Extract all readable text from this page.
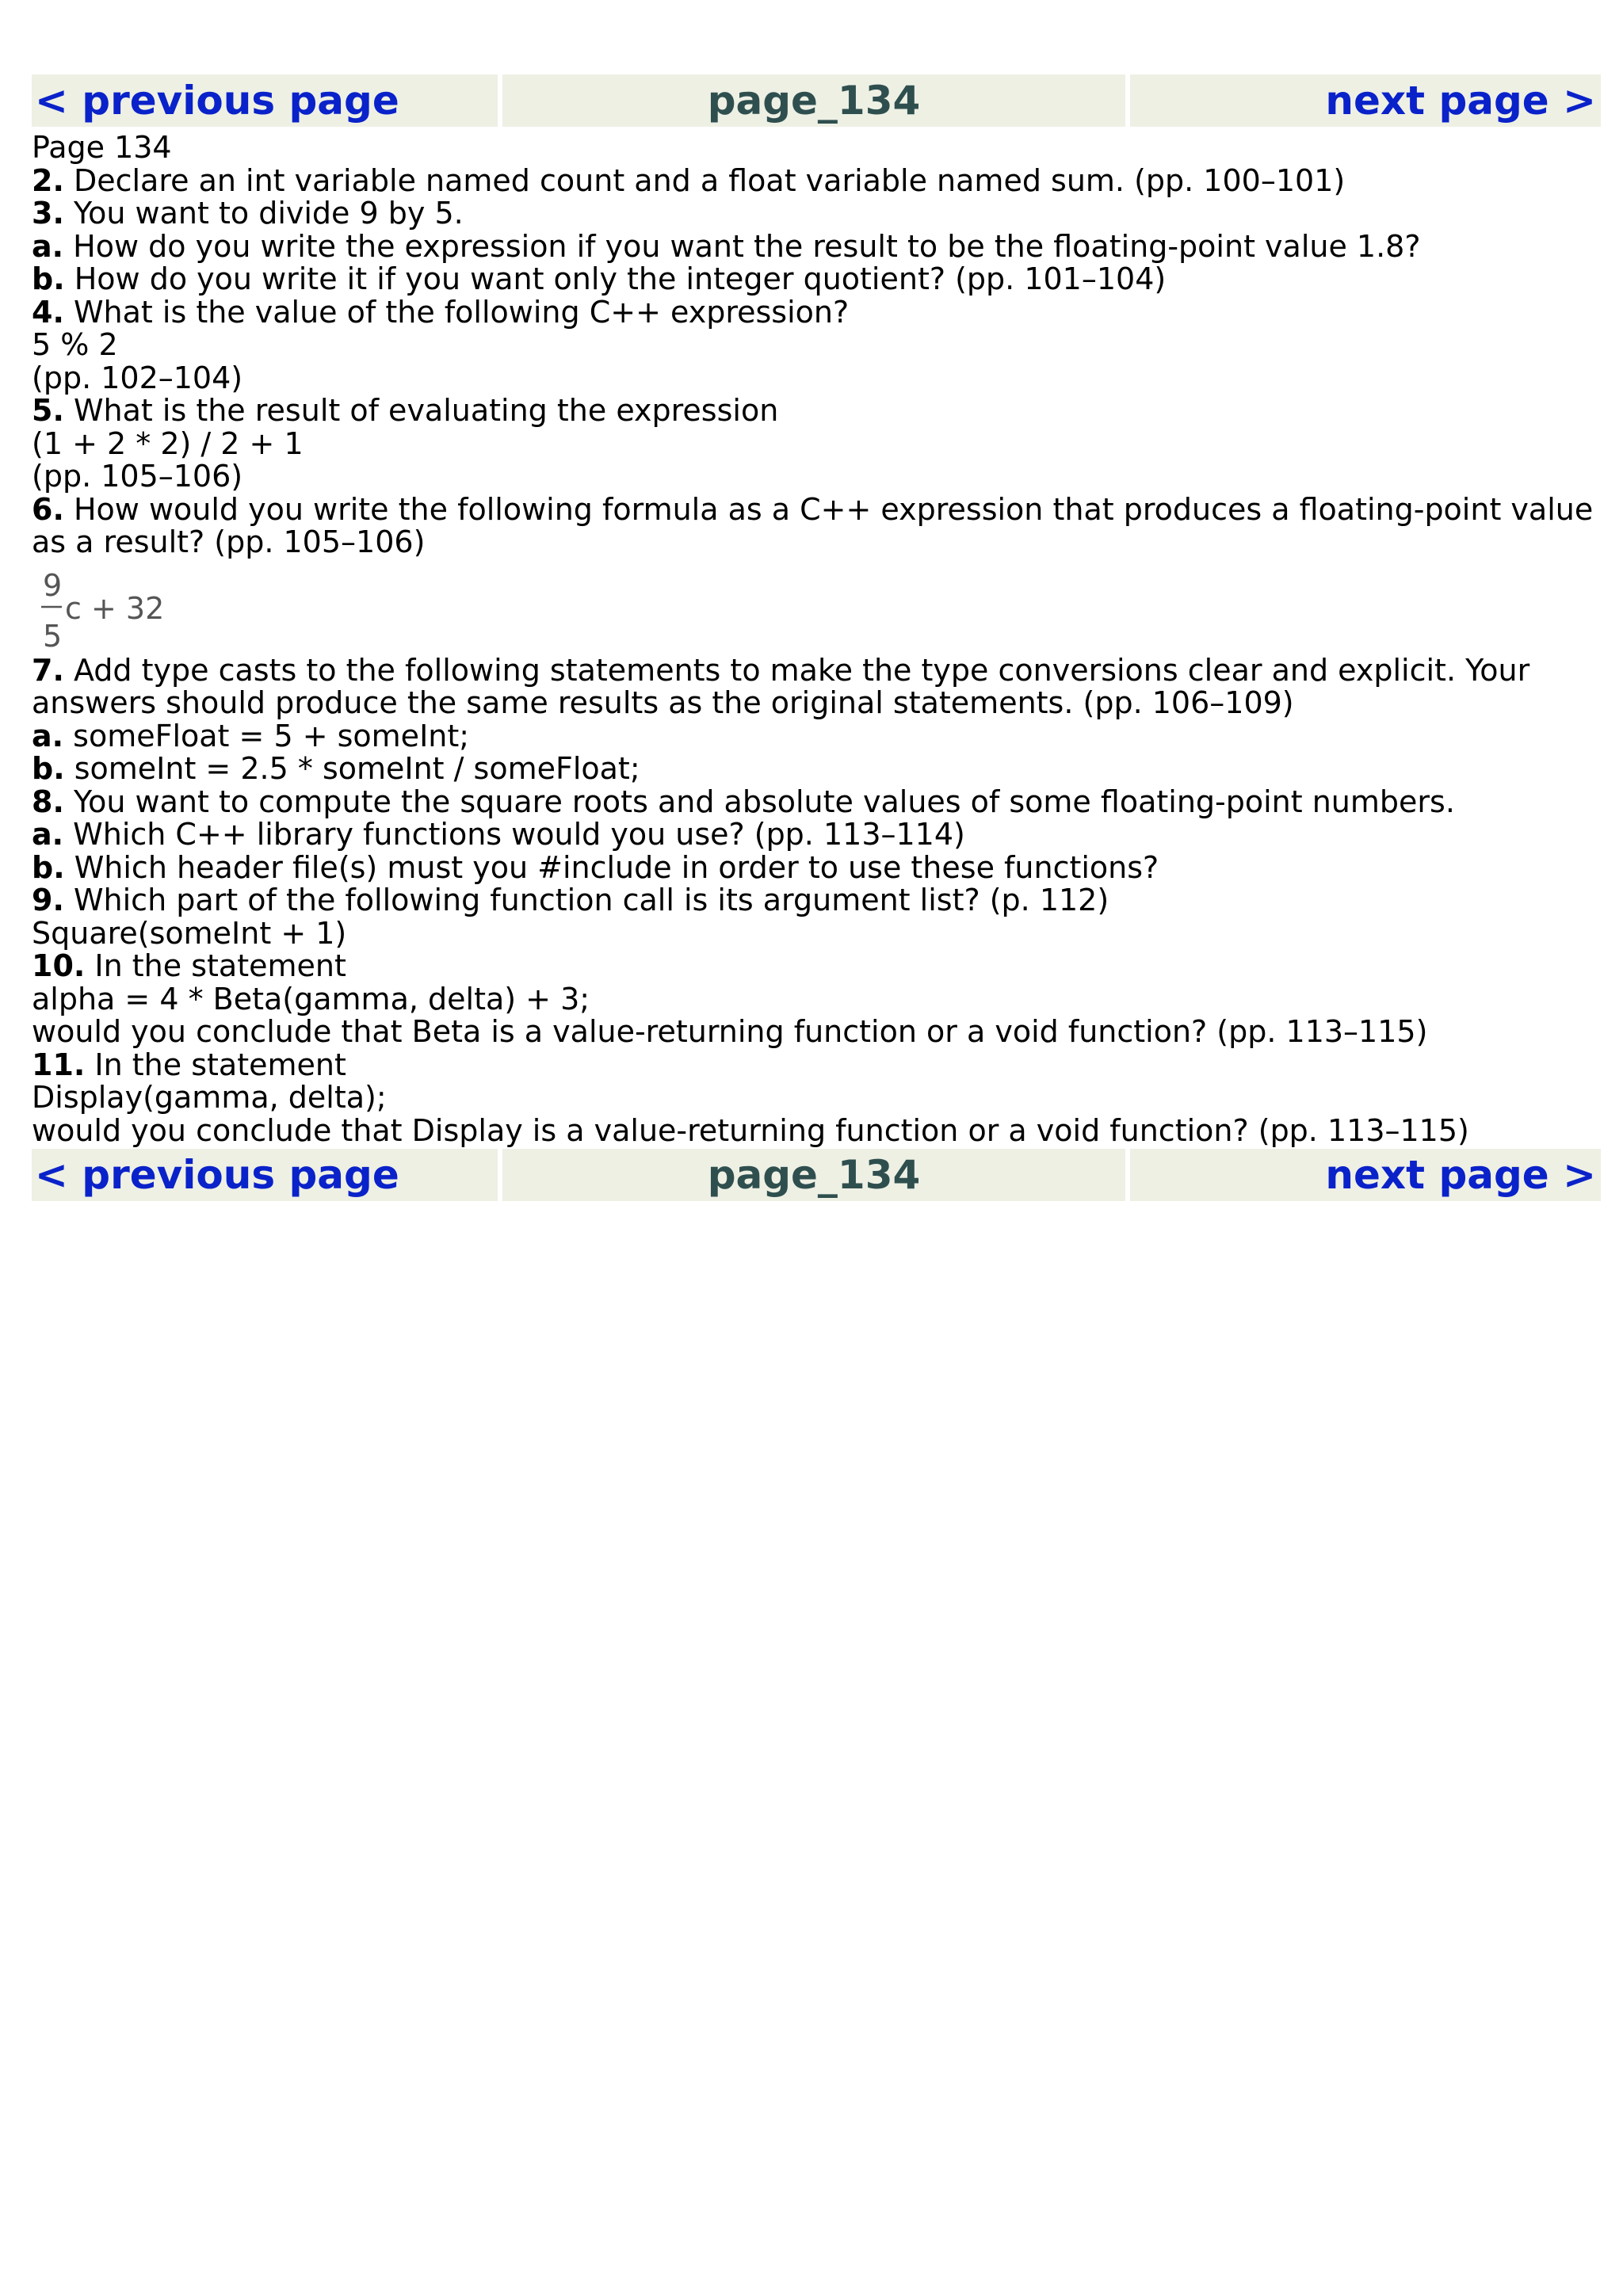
< previous page	page_134	next page >

Page 134

2. Declare an int variable named count and a float variable named sum. (pp. 100–101)

3. You want to divide 9 by 5.

a. How do you write the expression if you want the result to be the floating-point value 1.8?

b. How do you write it if you want only the integer quotient? (pp. 101–104)

4. What is the value of the following C++ expression?

5 % 2

(pp. 102–104)

5. What is the result of evaluating the expression

(1 + 2 * 2) / 2 + 1

(pp. 105–106)

6. How would you write the following formula as a C++ expression that produces a floating-point value as a result? (pp. 105–106)

9
5
c + 32

7. Add type casts to the following statements to make the type conversions clear and explicit. Your answers should produce the same results as the original statements. (pp. 106–109)

a. someFloat = 5 + someInt;

b. someInt = 2.5 * someInt / someFloat;

8. You want to compute the square roots and absolute values of some floating-point numbers.

a. Which C++ library functions would you use? (pp. 113–114)

b. Which header file(s) must you #include in order to use these functions?

9. Which part of the following function call is its argument list? (p. 112)

Square(someInt + 1)

10. In the statement

alpha = 4 * Beta(gamma, delta) + 3;

would you conclude that Beta is a value-returning function or a void function? (pp. 113–115)

11. In the statement

Display(gamma, delta);

would you conclude that Display is a value-returning function or a void function? (pp. 113–115)

< previous page	page_134	next page >
